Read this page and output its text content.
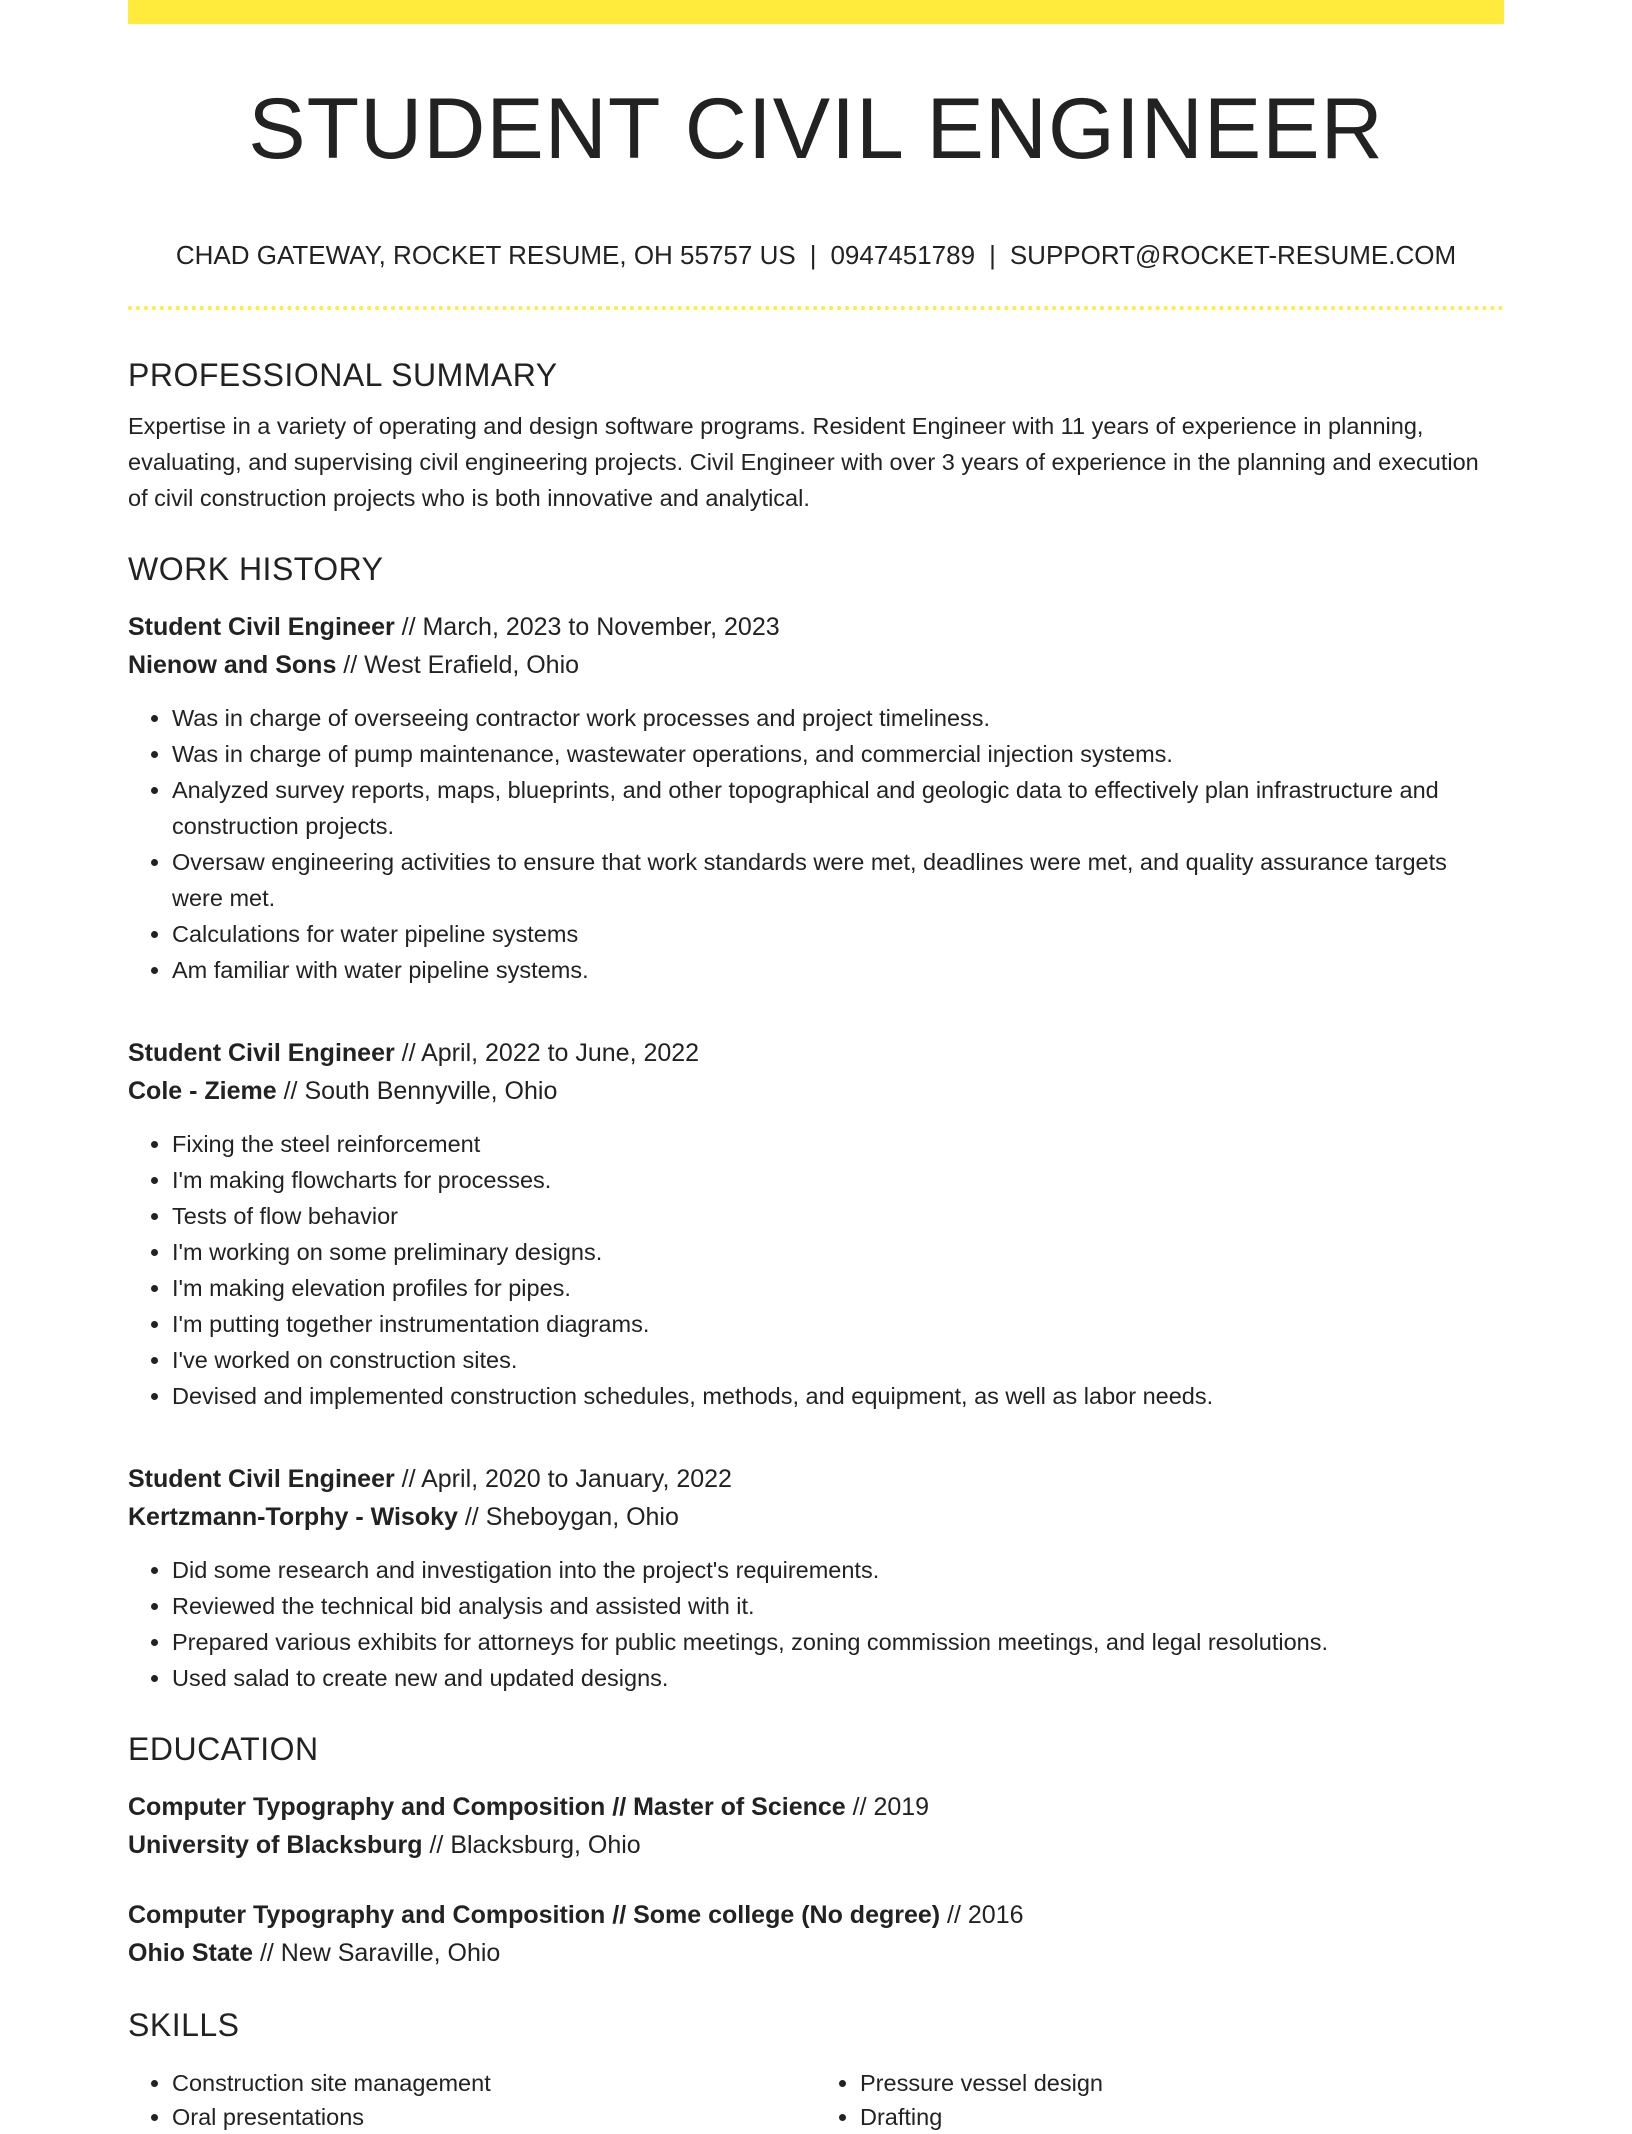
STUDENT CIVIL ENGINEER
CHAD GATEWAY, ROCKET RESUME, OH 55757 US | 0947451789 | SUPPORT@ROCKET-RESUME.COM
PROFESSIONAL SUMMARY

Expertise in a variety of operating and design software programs. Resident Engineer with 11 years of experience in planning, evaluating, and supervising civil engineering projects. Civil Engineer with over 3 years of experience in the planning and execution of civil construction projects who is both innovative and analytical.

WORK HISTORY
Student Civil Engineer // March, 2023 to November, 2023
Nienow and Sons // West Erafield, Ohio
• Was in charge of overseeing contractor work processes and project timeliness.
• Was in charge of pump maintenance, wastewater operations, and commercial injection systems.
• Analyzed survey reports, maps, blueprints, and other topographical and geologic data to effectively plan infrastructure and construction projects.
• Oversaw engineering activities to ensure that work standards were met, deadlines were met, and quality assurance targets were met.
• Calculations for water pipeline systems
• Am familiar with water pipeline systems.
Student Civil Engineer // April, 2022 to June, 2022
Cole - Zieme // South Bennyville, Ohio
• Fixing the steel reinforcement
• I'm making flowcharts for processes.
• Tests of flow behavior
• I'm working on some preliminary designs.
• I'm making elevation profiles for pipes.
• I'm putting together instrumentation diagrams.
• I've worked on construction sites.
• Devised and implemented construction schedules, methods, and equipment, as well as labor needs.
Student Civil Engineer // April, 2020 to January, 2022
Kertzmann-Torphy - Wisoky // Sheboygan, Ohio
• Did some research and investigation into the project's requirements.
• Reviewed the technical bid analysis and assisted with it.
• Prepared various exhibits for attorneys for public meetings, zoning commission meetings, and legal resolutions.
• Used salad to create new and updated designs.
EDUCATION
Computer Typography and Composition // Master of Science // 2019
University of Blacksburg // Blacksburg, Ohio
Computer Typography and Composition // Some college (No degree) // 2016
Ohio State // New Saraville, Ohio
SKILLS
• Construction site management
• Oral presentations
• Pressure vessel design
• Drafting
